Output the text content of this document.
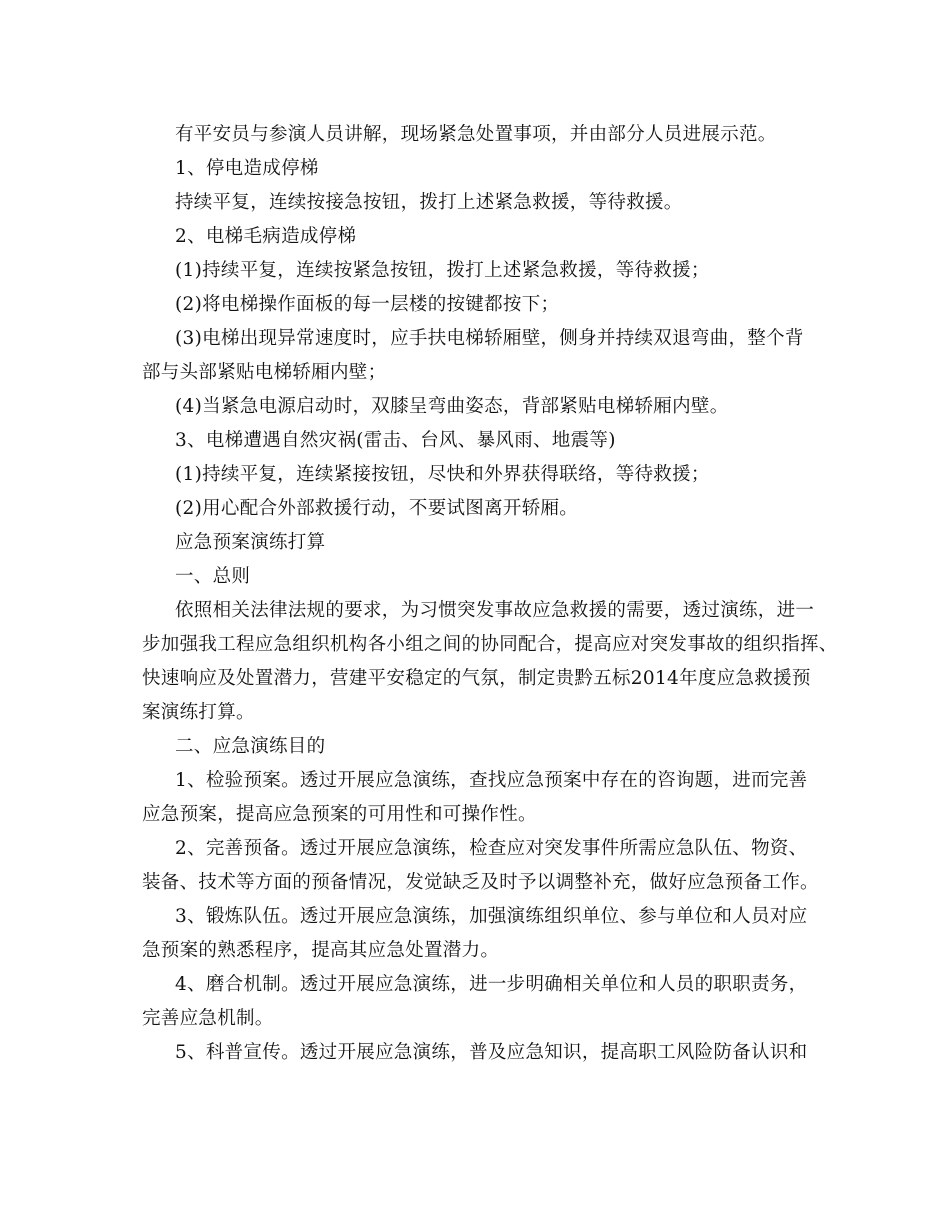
有平安员与参演人员讲解，现场紧急处置事项，并由部分人员进展示范。
1、停电造成停梯
持续平复，连续按接急按钮，拨打上述紧急救援，等待救援。
2、电梯毛病造成停梯
(1)持续平复，连续按紧急按钮，拨打上述紧急救援，等待救援；
(2)将电梯操作面板的每一层楼的按键都按下；
(3)电梯出现异常速度时，应手扶电梯轿厢壁，侧身并持续双退弯曲，整个背
部与头部紧贴电梯轿厢内壁；
(4)当紧急电源启动时，双膝呈弯曲姿态，背部紧贴电梯轿厢内壁。
3、电梯遭遇自然灾祸(雷击、台风、暴风雨、地震等)
(1)持续平复，连续紧接按钮，尽快和外界获得联络，等待救援；
(2)用心配合外部救援行动，不要试图离开轿厢。
应急预案演练打算
一、总则
依照相关法律法规的要求，为习惯突发事故应急救援的需要，透过演练，进一
步加强我工程应急组织机构各小组之间的协同配合，提高应对突发事故的组织指挥、
快速响应及处置潜力，营建平安稳定的气氛，制定贵黔五标2014年度应急救援预
案演练打算。
二、应急演练目的
1、检验预案。透过开展应急演练，查找应急预案中存在的咨询题，进而完善
应急预案，提高应急预案的可用性和可操作性。
2、完善预备。透过开展应急演练，检查应对突发事件所需应急队伍、物资、
装备、技术等方面的预备情况，发觉缺乏及时予以调整补充，做好应急预备工作。
3、锻炼队伍。透过开展应急演练，加强演练组织单位、参与单位和人员对应
急预案的熟悉程序，提高其应急处置潜力。
4、磨合机制。透过开展应急演练，进一步明确相关单位和人员的职职责务，
完善应急机制。
5、科普宣传。透过开展应急演练，普及应急知识，提高职工风险防备认识和
